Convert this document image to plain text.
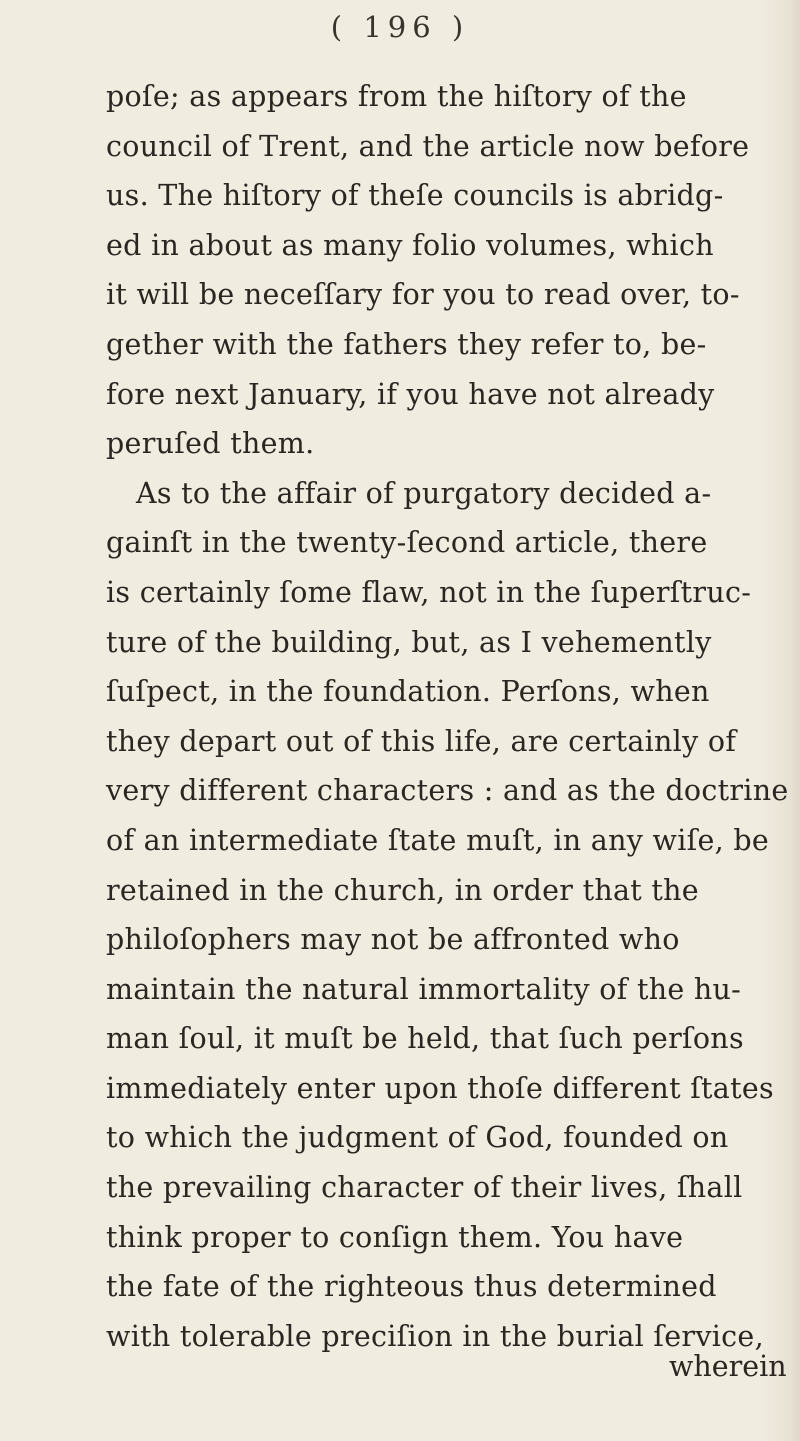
( 196 )
poſe; as appears from the hiſtory of the
council of Trent, and the article now before
us. The hiſtory of theſe councils is abridg-
ed in about as many folio volumes, which
it will be neceſſary for you to read over, to-
gether with the fathers they refer to, be-
fore next January, if you have not already
peruſed them.
As to the affair of purgatory decided a-
gainſt in the twenty-ſecond article, there
is certainly ſome flaw, not in the ſuperſtruc-
ture of the building, but, as I vehemently
ſuſpect, in the foundation. Perſons, when
they depart out of this life, are certainly of
very different characters : and as the doctrine
of an intermediate ſtate muſt, in any wiſe, be
retained in the church, in order that the
philoſophers may not be affronted who
maintain the natural immortality of the hu-
man ſoul, it muſt be held, that ſuch perſons
immediately enter upon thoſe different ſtates
to which the judgment of God, founded on
the prevailing character of their lives, ſhall
think proper to conſign them. You have
the fate of the righteous thus determined
with tolerable preciſion in the burial ſervice,
wherein
